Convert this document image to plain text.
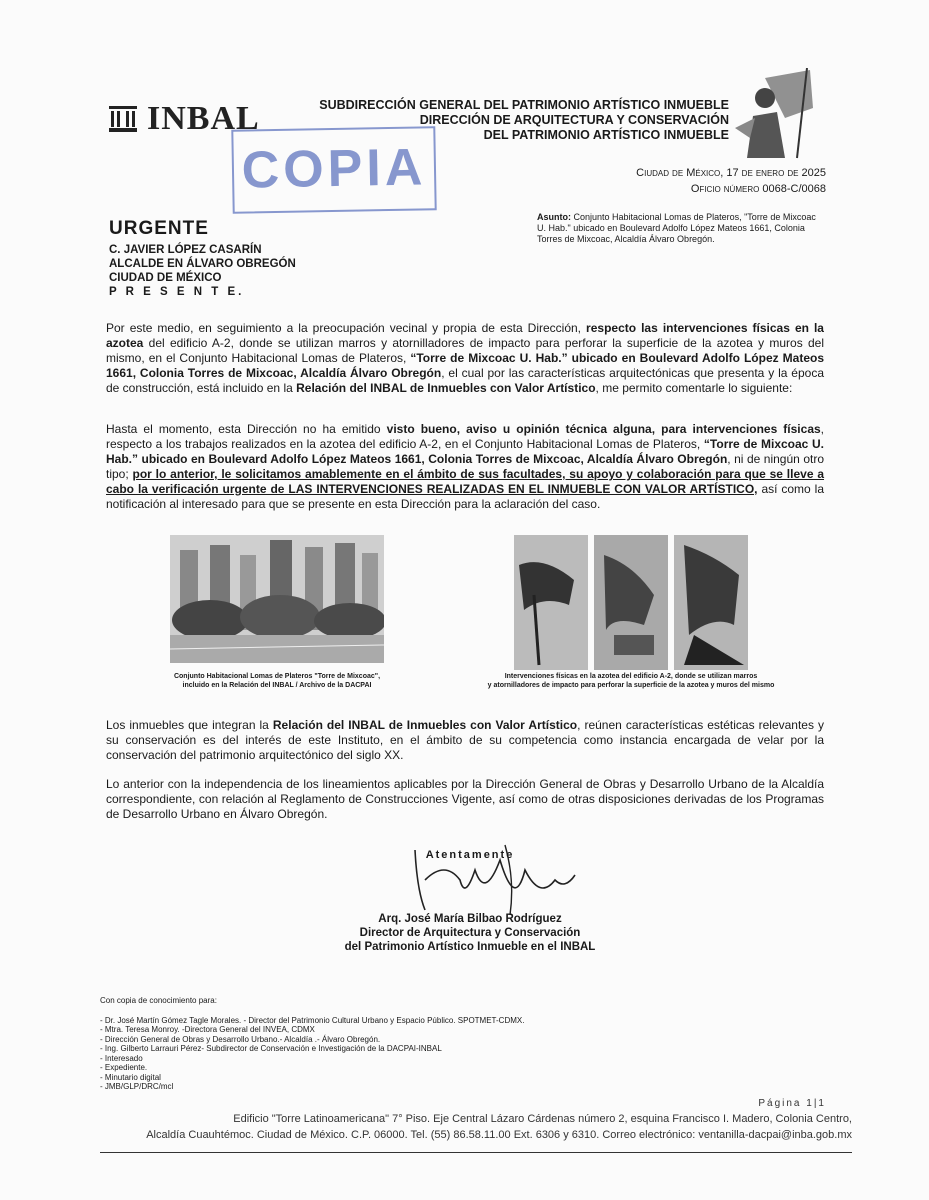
INBAL	SUBDIRECCIÓN GENERAL DEL PATRIMONIO ARTÍSTICO INMUEBLE
DIRECCIÓN DE ARQUITECTURA Y CONSERVACIÓN
DEL PATRIMONIO ARTÍSTICO INMUEBLE
COPIA	Ciudad de México, 17 de enero de 2025
Oficio número 0068-C/0068
URGENTE
C. JAVIER LÓPEZ CASARÍN
ALCALDE EN ÁLVARO OBREGÓN
CIUDAD DE MÉXICO
P R E S E N T E.
Asunto: Conjunto Habitacional Lomas de Plateros, "Torre de Mixcoac U. Hab." ubicado en Boulevard Adolfo López Mateos 1661, Colonia Torres de Mixcoac, Alcaldía Álvaro Obregón.
Por este medio, en seguimiento a la preocupación vecinal y propia de esta Dirección, respecto las intervenciones físicas en la azotea del edificio A-2, donde se utilizan marros y atornilladores de impacto para perforar la superficie de la azotea y muros del mismo, en el Conjunto Habitacional Lomas de Plateros, “Torre de Mixcoac U. Hab.” ubicado en Boulevard Adolfo López Mateos 1661, Colonia Torres de Mixcoac, Alcaldía Álvaro Obregón, el cual por las características arquitectónicas que presenta y la época de construcción, está incluido en la Relación del INBAL de Inmuebles con Valor Artístico, me permito comentarle lo siguiente:
Hasta el momento, esta Dirección no ha emitido visto bueno, aviso u opinión técnica alguna, para intervenciones físicas, respecto a los trabajos realizados en la azotea del edificio A-2, en el Conjunto Habitacional Lomas de Plateros, “Torre de Mixcoac U. Hab.” ubicado en Boulevard Adolfo López Mateos 1661, Colonia Torres de Mixcoac, Alcaldía Álvaro Obregón, ni de ningún otro tipo; por lo anterior, le solicitamos amablemente en el ámbito de sus facultades, su apoyo y colaboración para que se lleve a cabo la verificación urgente de LAS INTERVENCIONES REALIZADAS EN EL INMUEBLE CON VALOR ARTÍSTICO, así como la notificación al interesado para que se presente en esta Dirección para la aclaración del caso.
Conjunto Habitacional Lomas de Plateros "Torre de Mixcoac",
incluido en la Relación del INBAL / Archivo de la DACPAI
Intervenciones físicas en la azotea del edificio A-2, donde se utilizan marros
y atornilladores de impacto para perforar la superficie de la azotea y muros del mismo
Los inmuebles que integran la Relación del INBAL de Inmuebles con Valor Artístico, reúnen características estéticas relevantes y su conservación es del interés de este Instituto, en el ámbito de su competencia como instancia encargada de velar por la conservación del patrimonio arquitectónico del siglo XX.
Lo anterior con la independencia de los lineamientos aplicables por la Dirección General de Obras y Desarrollo Urbano de la Alcaldía correspondiente, con relación al Reglamento de Construcciones Vigente, así como de otras disposiciones derivadas de los Programas de Desarrollo Urbano en Álvaro Obregón.
Atentamente
Arq. José María Bilbao Rodríguez
Director de Arquitectura y Conservación
del Patrimonio Artístico Inmueble en el INBAL
Con copia de conocimiento para:
- Dr. José Martín Gómez Tagle Morales. - Director del Patrimonio Cultural Urbano y Espacio Público. SPOTMET-CDMX.
- Mtra. Teresa Monroy. -Directora General del INVEA, CDMX
- Dirección General de Obras y Desarrollo Urbano.- Alcaldía .- Álvaro Obregón.
- Ing. Gilberto Larrauri Pérez- Subdirector de Conservación e Investigación de la DACPAI-INBAL
- Interesado
- Expediente.
- Minutario digital
- JMB/GLP/DRC/mcl
Página 1|1
Edificio "Torre Latinoamericana" 7° Piso. Eje Central Lázaro Cárdenas número 2, esquina Francisco I. Madero, Colonia Centro,
Alcaldía Cuauhtémoc. Ciudad de México. C.P. 06000. Tel. (55) 86.58.11.00 Ext. 6306 y 6310. Correo electrónico: ventanilla-dacpai@inba.gob.mx
